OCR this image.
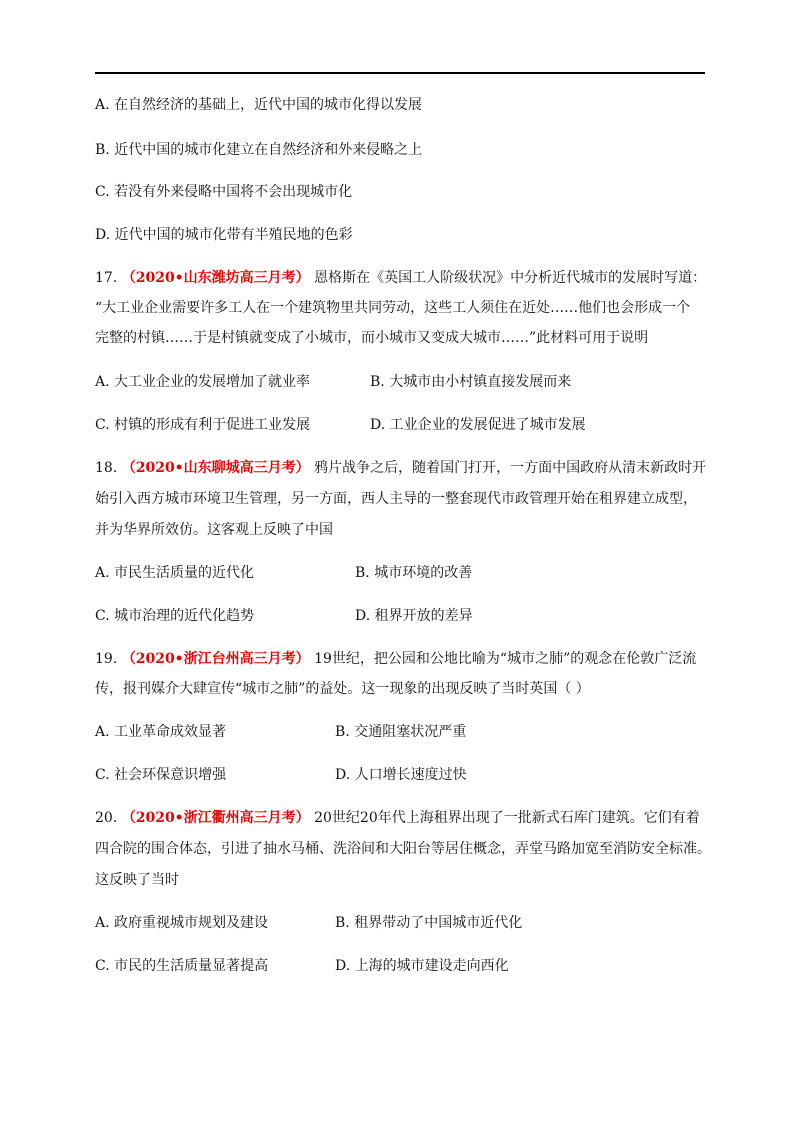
A. 在自然经济的基础上，近代中国的城市化得以发展
B. 近代中国的城市化建立在自然经济和外来侵略之上
C. 若没有外来侵略中国将不会出现城市化
D. 近代中国的城市化带有半殖民地的色彩
17. （2020•山东潍坊高三月考） 恩格斯在《英国工人阶级状况》中分析近代城市的发展时写道：
“大工业企业需要许多工人在一个建筑物里共同劳动，这些工人须住在近处……他们也会形成一个
完整的村镇……于是村镇就变成了小城市，而小城市又变成大城市……”此材料可用于说明
A. 大工业企业的发展增加了就业率	B. 大城市由小村镇直接发展而来
C. 村镇的形成有利于促进工业发展	D. 工业企业的发展促进了城市发展
18. （2020•山东聊城高三月考） 鸦片战争之后，随着国门打开，一方面中国政府从清末新政时开
始引入西方城市环境卫生管理，另一方面，西人主导的一整套现代市政管理开始在租界建立成型，
并为华界所效仿。这客观上反映了中国
A. 市民生活质量的近代化	B. 城市环境的改善
C. 城市治理的近代化趋势	D. 租界开放的差异
19. （2020•浙江台州高三月考） 19世纪，把公园和公地比喻为“城市之肺”的观念在伦敦广泛流
传，报刊媒介大肆宣传“城市之肺”的益处。这一现象的出现反映了当时英国（ ）
A. 工业革命成效显著	B. 交通阻塞状况严重
C. 社会环保意识增强	D. 人口增长速度过快
20. （2020•浙江衢州高三月考） 20世纪20年代上海租界出现了一批新式石库门建筑。它们有着
四合院的围合体态，引进了抽水马桶、洗浴间和大阳台等居住概念，弄堂马路加宽至消防安全标准。
这反映了当时
A. 政府重视城市规划及建设	B. 租界带动了中国城市近代化
C. 市民的生活质量显著提高	D. 上海的城市建设走向西化
